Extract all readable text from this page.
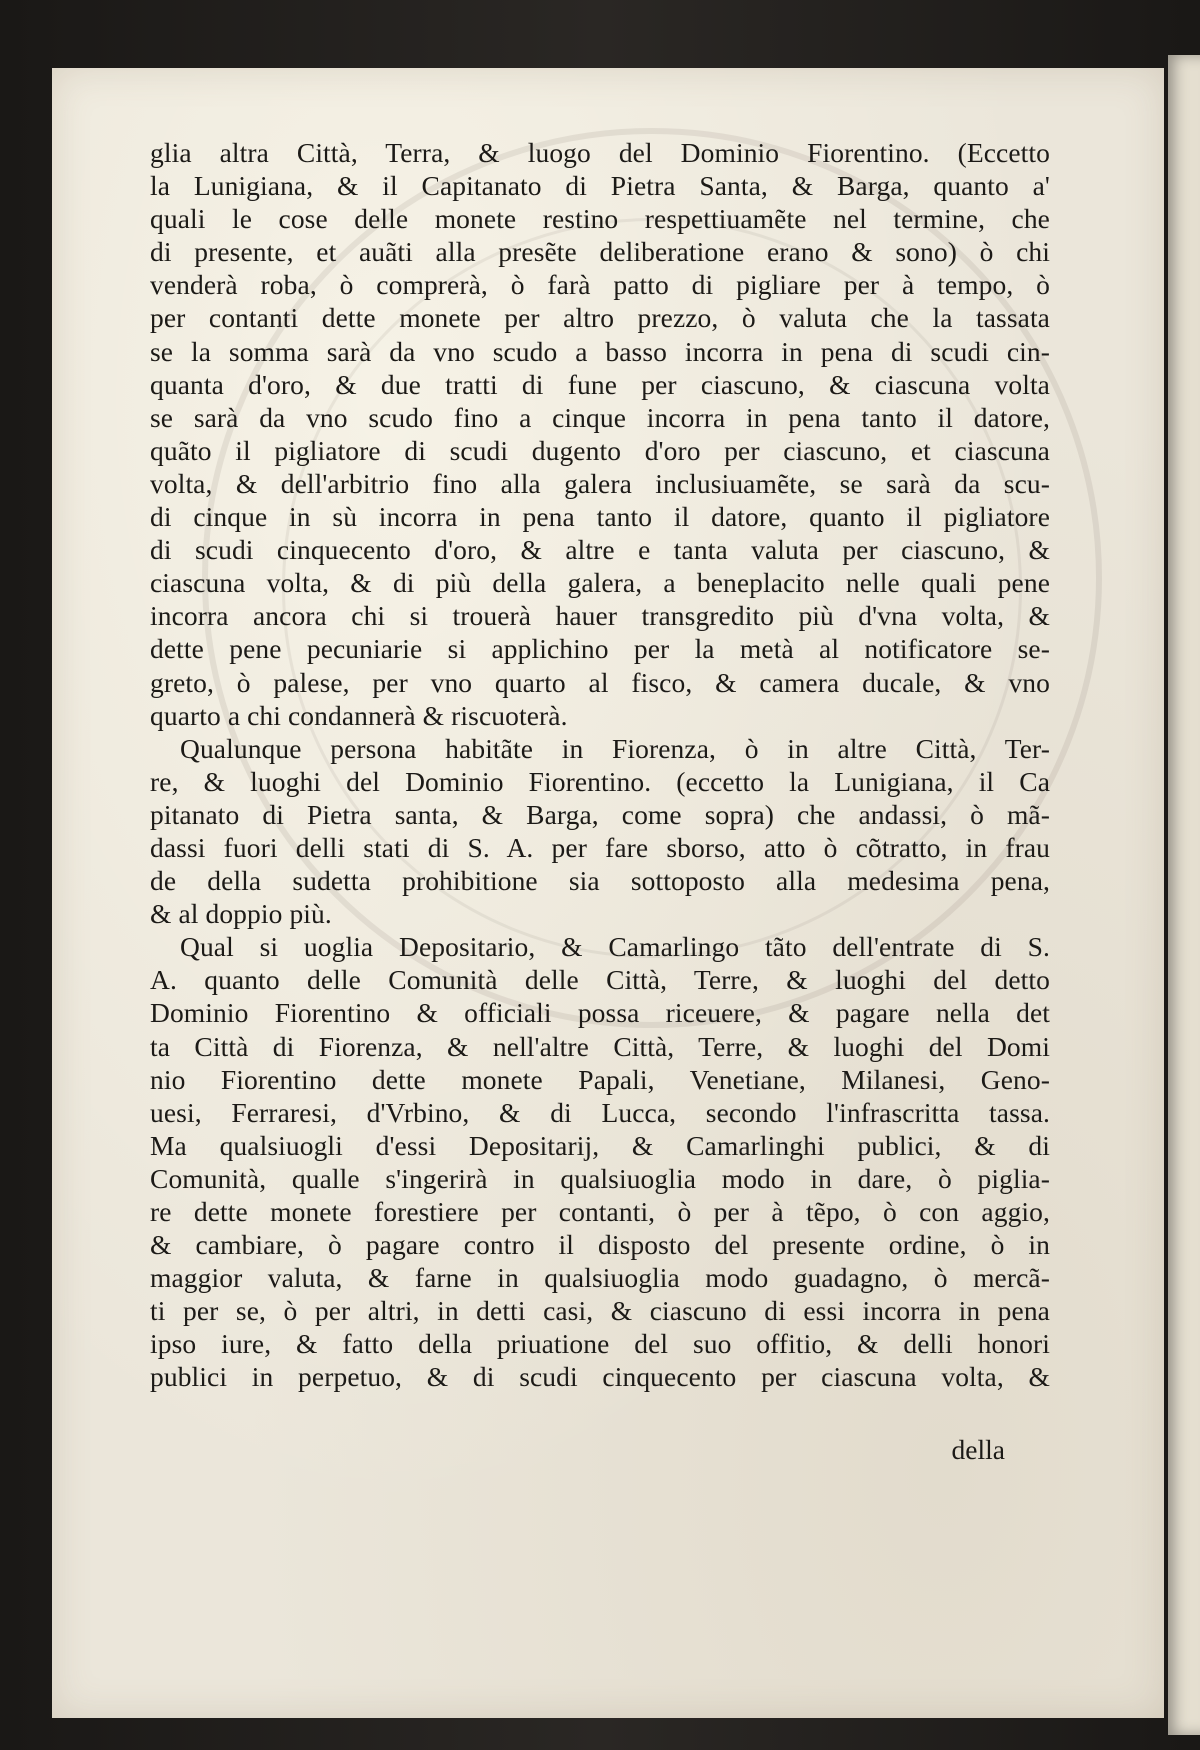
glia altra Città, Terra, & luogo del Dominio Fiorentino. (Eccetto
la Lunigiana, & il Capitanato di Pietra Santa, & Barga, quanto a'
quali le cose delle monete restino respettiuamẽte nel termine, che
di presente, et auãti alla presẽte deliberatione erano & sono) ò chi
venderà roba, ò comprerà, ò farà patto di pigliare per à tempo, ò
per contanti dette monete per altro prezzo, ò valuta che la tassata
se la somma sarà da vno scudo a basso incorra in pena di scudi cin-
quanta d'oro, & due tratti di fune per ciascuno, & ciascuna volta
se sarà da vno scudo fino a cinque incorra in pena tanto il datore,
quãto il pigliatore di scudi dugento d'oro per ciascuno, et ciascuna
volta, & dell'arbitrio fino alla galera inclusiuamẽte, se sarà da scu-
di cinque in sù incorra in pena tanto il datore, quanto il pigliatore
di scudi cinquecento d'oro, & altre e tanta valuta per ciascuno, &
ciascuna volta, & di più della galera, a beneplacito nelle quali pene
incorra ancora chi si trouerà hauer transgredito più d'vna volta, &
dette pene pecuniarie si applichino per la metà al notificatore se-
greto, ò palese, per vno quarto al fisco, & camera ducale, & vno
quarto a chi condannerà & riscuoterà.
Qualunque persona habitãte in Fiorenza, ò in altre Città, Ter-
re, & luoghi del Dominio Fiorentino. (eccetto la Lunigiana, il Ca
pitanato di Pietra santa, & Barga, come sopra) che andassi, ò mã-
dassi fuori delli stati di S. A. per fare sborso, atto ò cõtratto, in frau
de della sudetta prohibitione sia sottoposto alla medesima pena,
& al doppio più.
Qual si uoglia Depositario, & Camarlingo tãto dell'entrate di S.
A. quanto delle Comunità delle Città, Terre, & luoghi del detto
Dominio Fiorentino & officiali possa riceuere, & pagare nella det
ta Città di Fiorenza, & nell'altre Città, Terre, & luoghi del Domi
nio Fiorentino dette monete Papali, Venetiane, Milanesi, Geno-
uesi, Ferraresi, d'Vrbino, & di Lucca, secondo l'infrascritta tassa.
Ma qualsiuogli d'essi Depositarij, & Camarlinghi publici, & di
Comunità, qualle s'ingerirà in qualsiuoglia modo in dare, ò piglia-
re dette monete forestiere per contanti, ò per à tẽpo, ò con aggio,
& cambiare, ò pagare contro il disposto del presente ordine, ò in
maggior valuta, & farne in qualsiuoglia modo guadagno, ò mercã-
ti per se, ò per altri, in detti casi, & ciascuno di essi incorra in pena
ipso iure, & fatto della priuatione del suo offitio, & delli honori
publici in perpetuo, & di scudi cinquecento per ciascuna volta, &
della
